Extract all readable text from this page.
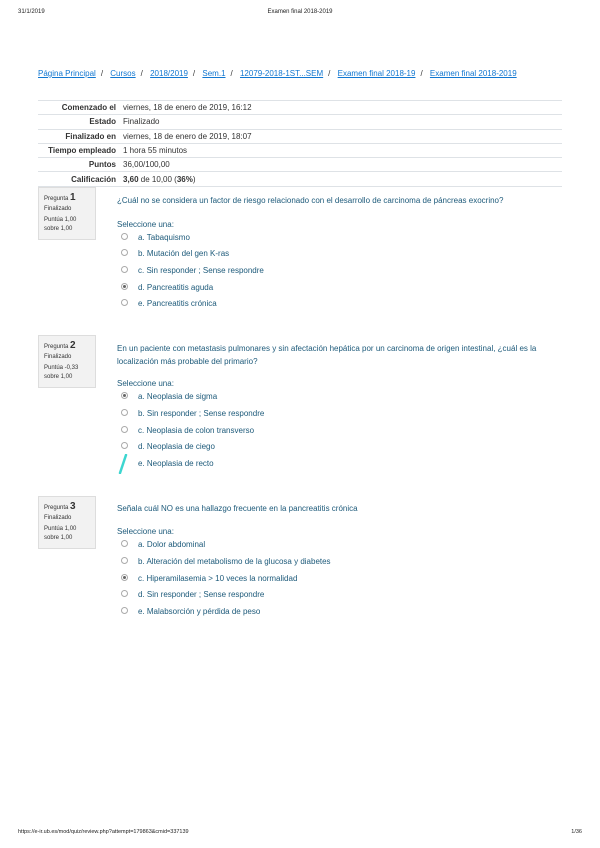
31/1/2019	Examen final 2018-2019
Página Principal / Cursos / 2018/2019 / Sem.1 / 12079-2018-1ST...SEM / Examen final 2018-19 / Examen final 2018-2019
Comenzado el	viernes, 18 de enero de 2019, 16:12
Estado	Finalizado
Finalizado en	viernes, 18 de enero de 2019, 18:07
Tiempo empleado	1 hora 55 minutos
Puntos	36,00/100,00
Calificación	3,60 de 10,00 (36%)
Pregunta 1
Finalizado
Puntúa 1,00
sobre 1,00
¿Cuál no se considera un factor de riesgo relacionado con el desarrollo de carcinoma de páncreas exocrino?
Seleccione una:
a. Tabaquismo
b. Mutación del gen K-ras
c. Sin responder ; Sense respondre
d. Pancreatitis aguda
e. Pancreatitis crónica
Pregunta 2
Finalizado
Puntúa -0,33
sobre 1,00
En un paciente con metastasis pulmonares y sin afectación hepática por un carcinoma de origen intestinal, ¿cuál es la localización más probable del primario?
Seleccione una:
a. Neoplasia de sigma
b. Sin responder ; Sense respondre
c. Neoplasia de colon transverso
d. Neoplasia de ciego
e. Neoplasia de recto
Pregunta 3
Finalizado
Puntúa 1,00
sobre 1,00
Señala cuál NO es una hallazgo frecuente en la pancreatitis crónica
Seleccione una:
a. Dolor abdominal
b. Alteración del metabolismo de la glucosa y diabetes
c. Hiperamilasemia > 10 veces la normalidad
d. Sin responder ; Sense respondre
e. Malabsorción y pérdida de peso
https://e-ir.ub.es/mod/quiz/review.php?attempt=179863&cmid=337139	1/36
